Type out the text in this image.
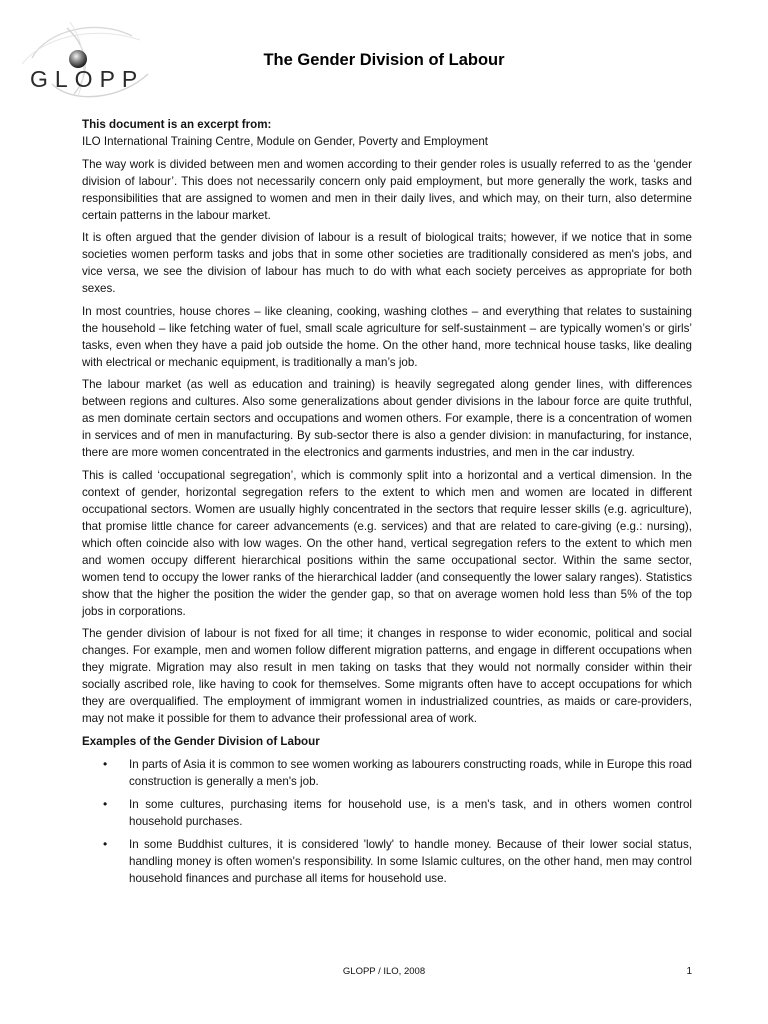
GLOPP
The Gender Division of Labour

This document is an excerpt from:

ILO International Training Centre, Module on Gender, Poverty and Employment

The way work is divided between men and women according to their gender roles is usually referred to as the ‘gender division of labour’. This does not necessarily concern only paid employment, but more generally the work, tasks and responsibilities that are assigned to women and men in their daily lives, and which may, on their turn, also determine certain patterns in the labour market.

It is often argued that the gender division of labour is a result of biological traits; however, if we notice that in some societies women perform tasks and jobs that in some other societies are traditionally considered as men's jobs, and vice versa, we see the division of labour has much to do with what each society perceives as appropriate for both sexes.

In most countries, house chores – like cleaning, cooking, washing clothes – and everything that relates to sustaining the household – like fetching water of fuel, small scale agriculture for self-sustainment – are typically women’s or girls’ tasks, even when they have a paid job outside the home. On the other hand, more technical house tasks, like dealing with electrical or mechanic equipment, is traditionally a man’s job.

The labour market (as well as education and training) is heavily segregated along gender lines, with differences between regions and cultures. Also some generalizations about gender divisions in the labour force are quite truthful, as men dominate certain sectors and occupations and women others. For example, there is a concentration of women in services and of men in manufacturing. By sub-sector there is also a gender division: in manufacturing, for instance, there are more women concentrated in the electronics and garments industries, and men in the car industry.

This is called ‘occupational segregation’, which is commonly split into a horizontal and a vertical dimension. In the context of gender, horizontal segregation refers to the extent to which men and women are located in different occupational sectors. Women are usually highly concentrated in the sectors that require lesser skills (e.g. agriculture), that promise little chance for career advancements (e.g. services) and that are related to care-giving (e.g.: nursing), which often coincide also with low wages. On the other hand, vertical segregation refers to the extent to which men and women occupy different hierarchical positions within the same occupational sector. Within the same sector, women tend to occupy the lower ranks of the hierarchical ladder (and consequently the lower salary ranges). Statistics show that the higher the position the wider the gender gap, so that on average women hold less than 5% of the top jobs in corporations.

The gender division of labour is not fixed for all time; it changes in response to wider economic, political and social changes. For example, men and women follow different migration patterns, and engage in different occupations when they migrate. Migration may also result in men taking on tasks that they would not normally consider within their socially ascribed role, like having to cook for themselves. Some migrants often have to accept occupations for which they are overqualified. The employment of immigrant women in industrialized countries, as maids or care-providers, may not make it possible for them to advance their professional area of work.

Examples of the Gender Division of Labour

• In parts of Asia it is common to see women working as labourers constructing roads, while in Europe this road construction is generally a men's job.
• In some cultures, purchasing items for household use, is a men's task, and in others women control household purchases.
• In some Buddhist cultures, it is considered 'lowly' to handle money. Because of their lower social status, handling money is often women's responsibility. In some Islamic cultures, on the other hand, men may control household finances and purchase all items for household use.
GLOPP / ILO, 2008	1
